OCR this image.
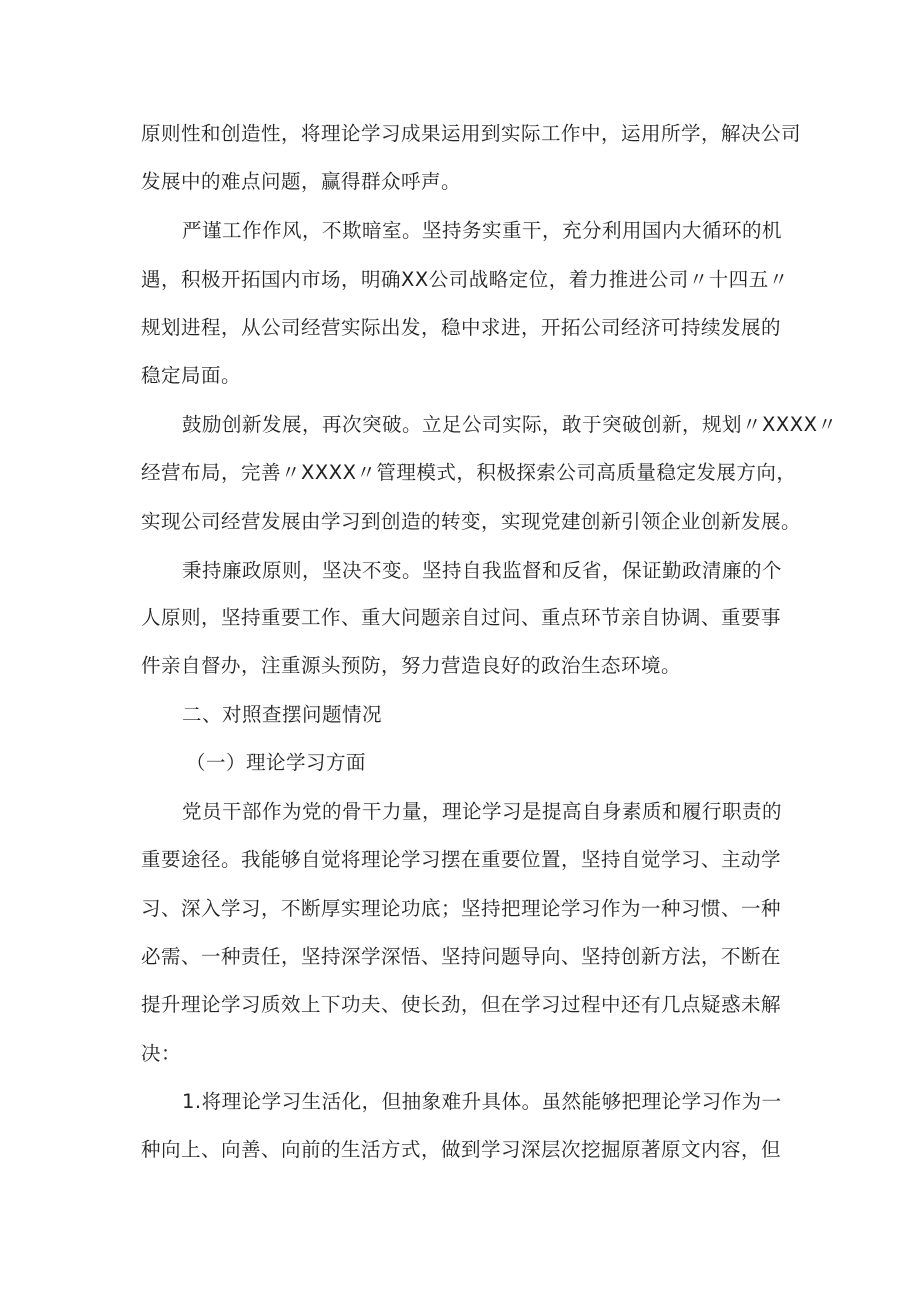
原则性和创造性，将理论学习成果运用到实际工作中，运用所学，解决公司
发展中的难点问题，赢得群众呼声。
严谨工作作风，不欺暗室。坚持务实重干，充分利用国内大循环的机
遇，积极开拓国内市场，明确XX公司战略定位，着力推进公司〃十四五〃
规划进程，从公司经营实际出发，稳中求进，开拓公司经济可持续发展的
稳定局面。
鼓励创新发展，再次突破。立足公司实际，敢于突破创新，规划〃XXXX〃
经营布局，完善〃XXXX〃管理模式，积极探索公司高质量稳定发展方向，
实现公司经营发展由学习到创造的转变，实现党建创新引领企业创新发展。
秉持廉政原则，坚决不变。坚持自我监督和反省，保证勤政清廉的个
人原则，坚持重要工作、重大问题亲自过问、重点环节亲自协调、重要事
件亲自督办，注重源头预防，努力营造良好的政治生态环境。
二、对照查摆问题情况
（一）理论学习方面
党员干部作为党的骨干力量，理论学习是提高自身素质和履行职责的
重要途径。我能够自觉将理论学习摆在重要位置，坚持自觉学习、主动学
习、深入学习，不断厚实理论功底；坚持把理论学习作为一种习惯、一种
必需、一种责任，坚持深学深悟、坚持问题导向、坚持创新方法，不断在
提升理论学习质效上下功夫、使长劲，但在学习过程中还有几点疑惑未解
决：
1.将理论学习生活化，但抽象难升具体。虽然能够把理论学习作为一
种向上、向善、向前的生活方式，做到学习深层次挖掘原著原文内容，但
